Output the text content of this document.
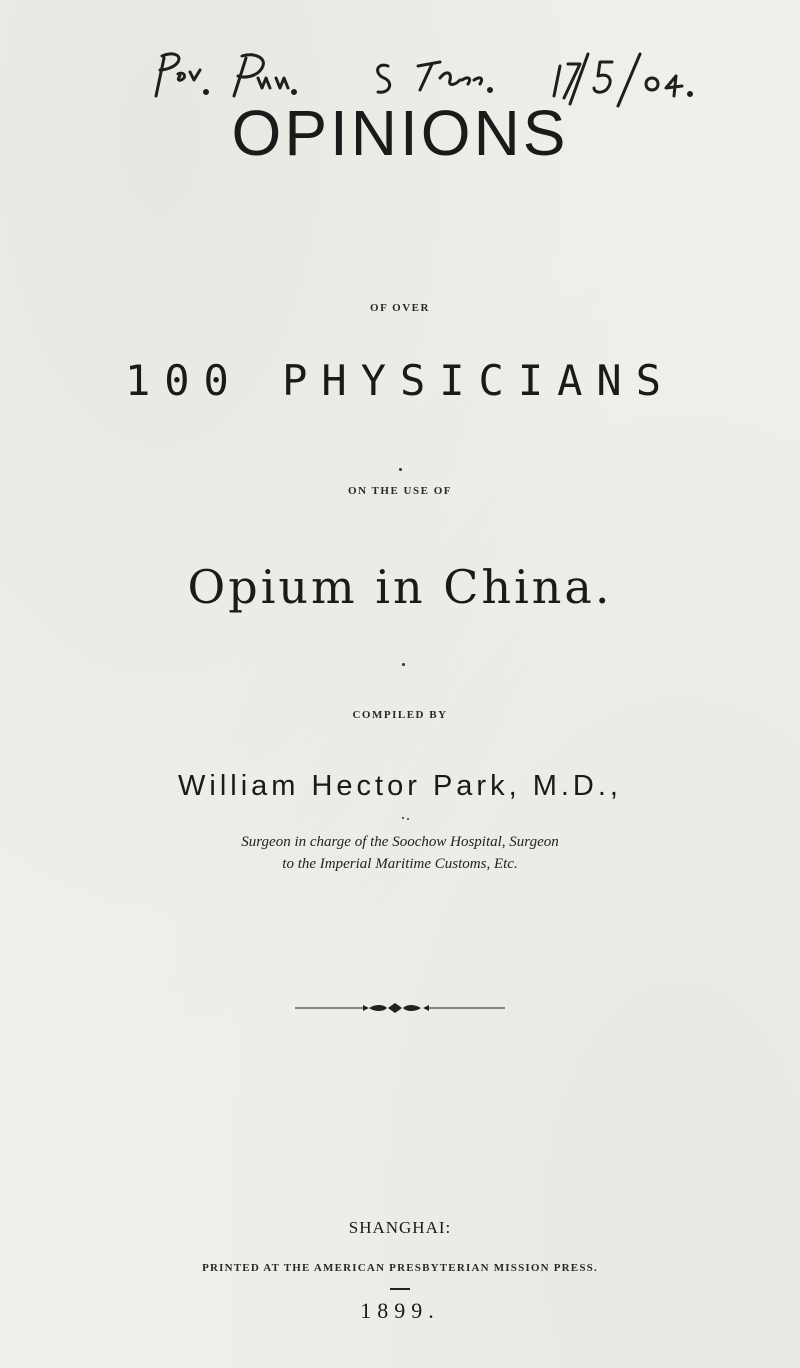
OPINIONS
OF OVER
100 PHYSICIANS
ON THE USE OF
Opium in China.
COMPILED BY
William Hector Park, M.D.,
Surgeon in charge of the Soochow Hospital, Surgeon
to the Imperial Maritime Customs, Etc.
SHANGHAI:
PRINTED AT THE AMERICAN PRESBYTERIAN MISSION PRESS.
1899.
